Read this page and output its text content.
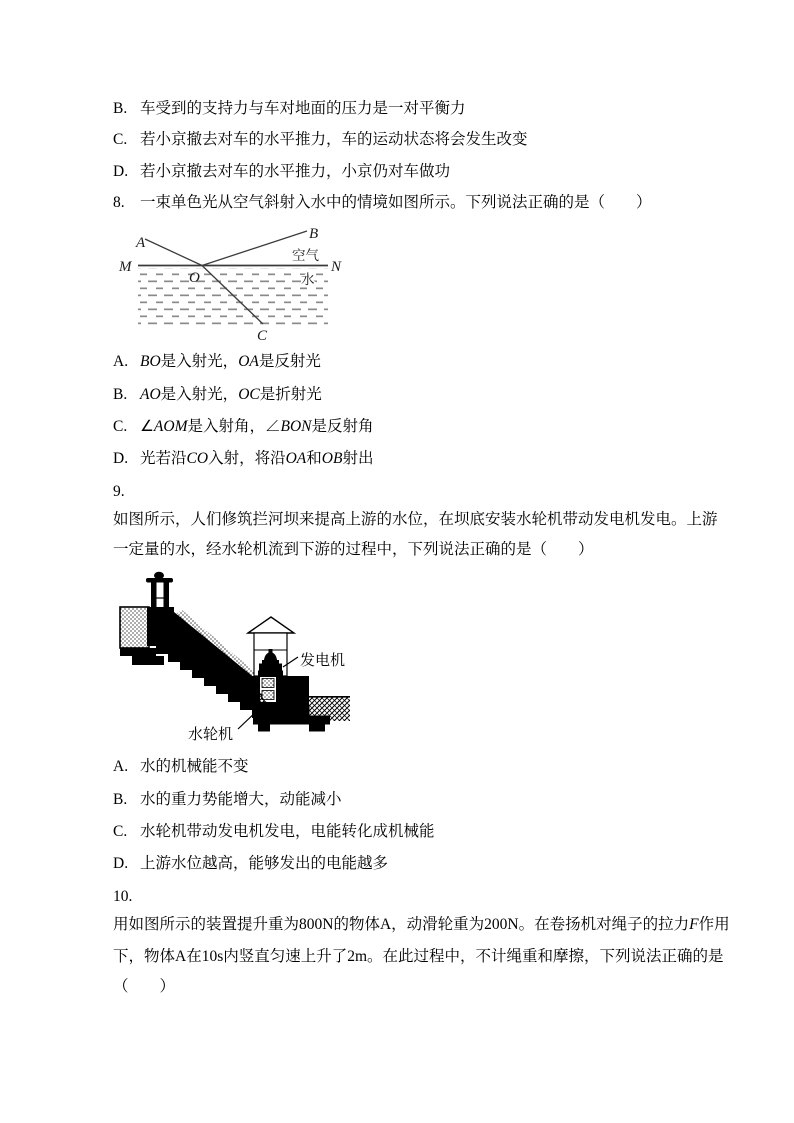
B. 车受到的支持力与车对地面的压力是一对平衡力
C. 若小京撤去对车的水平推力，车的运动状态将会发生改变
D. 若小京撤去对车的水平推力，小京仍对车做功
8. 一束单色光从空气斜射入水中的情境如图所示。下列说法正确的是（　　）
A
B
M	N
O
C
空气
水
A. BO是入射光，OA是反射光
B. AO是入射光，OC是折射光
C. ∠AOM是入射角，∠BON是反射角
D. 光若沿CO入射，将沿OA和OB射出
9.
如图所示，人们修筑拦河坝来提高上游的水位，在坝底安装水轮机带动发电机发电。上游
一定量的水，经水轮机流到下游的过程中，下列说法正确的是（　　）
发电机
水轮机
A. 水的机械能不变
B. 水的重力势能增大，动能减小
C. 水轮机带动发电机发电，电能转化成机械能
D. 上游水位越高，能够发出的电能越多
10.
用如图所示的装置提升重为800N的物体A，动滑轮重为200N。在卷扬机对绳子的拉力F作用
下，物体A在10s内竖直匀速上升了2m。在此过程中，不计绳重和摩擦，下列说法正确的是
（　　）
